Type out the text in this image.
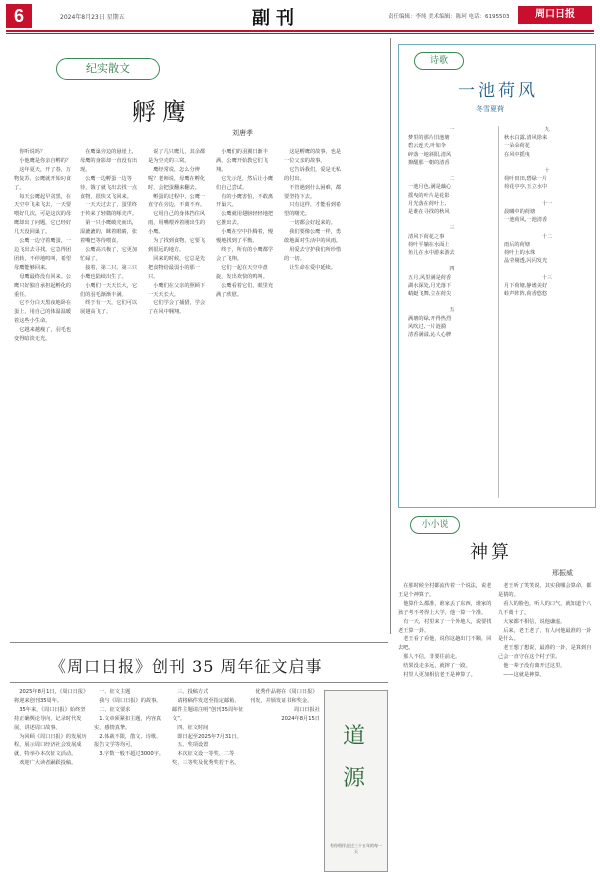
6	2024年8月23日 星期五	副刊	责任编辑：李纯 美术编辑：陈珂 电话：6195503	周口日报
纪实散文
孵鹰
刘唐孝

你听说吗？

小他鹰是你亲自孵的？

这年夏天，开了春，万物复苏，公鹰就开始叼食了。

每天公鹰起早贪黑，在天空中飞来飞去，一天要喂好几次。可是这次的母鹰却出了问题，它已经好几天没回巢了。

公鹰一边守着鹰蛋，一边飞出去寻找。它急得团团转，不停地鸣叫，希望母鹰能够回来。

母鹰最终没有回来。公鹰只好独自承担起孵化的重任。

它不分白天黑夜地卧在蛋上，用自己的体温温暖着这些小生命。

它越来越瘦了，羽毛也变得暗淡无光。

在鹰巢旁边的悬崖上，母鹰的身影却一直没有出现。

公鹰一边孵蛋一边等待，饿了就飞出去找一点食物，很快又飞回来。

一天天过去了，蛋里终于传来了轻微的啄壳声。

第一只小鹰破壳而出，湿漉漉的，眯着眼睛，张着嘴巴等待喂食。

公鹰高兴极了，它更加忙碌了。

接着，第二只、第三只小鹰也陆续出生了。

小鹰们一天天长大，它们的羽毛渐渐丰满。

终于有一天，它们可以展翅高飞了。

说了几只鹰儿，其余都是为空壳的三窝。

鹰经常说，怎么分辨呢？老师说，母鹰在孵化时，会把蛋翻来翻去。

孵蛋的过程中，公鹰一直守在旁边，不离不弃。

它用自己的身体挡住风雨，用嘴喂养着刚出生的小鹰。

为了找到食物，它要飞到很远的地方。

回来的时候，它总是先把食物给最弱小的那一只。

小鹰们在父亲的照顾下一天天长大。

它们学会了捕猎，学会了在风中翱翔。

小鹰们的羽翼日渐丰满，公鹰开始教它们飞翔。

它先示范，然后让小鹰们自己尝试。

有的小鹰害怕，不敢离开巢穴。

公鹰就用翅膀轻轻地把它推出去。

小鹰在空中扑腾着，慢慢地找到了平衡。

终于，所有的小鹰都学会了飞翔。

它们一起在天空中盘旋，发出欢快的鸣叫。

公鹰看着它们，眼里充满了欣慰。

这是孵鹰的故事，也是一位父亲的故事。

它告诉我们，爱是无私的付出。

不管遇到什么困难，都要坚持下去。

只有这样，才能看到希望的曙光。

一切都会好起来的。

我们要像公鹰一样，勇敢地面对生活中的风雨。

用爱去守护我们所珍惜的一切。

让生命在爱中延续。

诗歌
一池荷风
冬雪夏荷
一
梦里的那片旧池塘
碧云连天,叶如伞
碎落一地斜阳,清风
撩醒那一朝的清香

二
一池月色,满是藕心
摇曳的叶片是花影
月光落在荷叶上,
是谁在寻找的秋风

三
清风下荷花之事
荷叶平躺在水面上
鱼儿在水中游来游去

四
五月,风里满是荷香
湖水深处,月光落下
蜻蜓飞舞,立在荷尖

五
满塘的绿,开得热烈
风吹过,一片涟漪
清香满溢,沁人心脾
九
秋水白露,清风徐来
一朵朵荷花
在风中摇曳

十
荷叶田田,碧绿一片
荷花亭亭,玉立水中

十一
晨曦中的荷塘
一池荷风,一池清香

十二
雨后的荷塘
荷叶上的水珠
晶莹剔透,闪闪发光

十三
月下荷塘,静谧美好
蛙声阵阵,荷香悠悠
小小说
神算
邢振威

在那时候全村都流传着一个说法，说老王是个神算子。

他算什么都准，谁家丢了东西，谁家的孩子考不考得上大学，他一算一个准。

有一天，村里来了一个外地人，说要找老王算一卦。

老王看了看他，说你这趟出门不顺，回去吧。

那人不信，非要往前走。

结果没走多远，就摔了一跤。

村里人更加相信老王是神算了。

老王听了笑笑说，其实我哪会算命，都是猜的。

看人的脸色，听人的口气，就知道个八九不离十了。

大家都不相信，说他谦虚。

后来，老王老了，有人问他最准的一卦是什么。

老王想了想说，最准的一卦，是算到自己会一直守在这个村子里。

他一辈子没有离开过这里。

——这就是神算。

《周口日报》创刊 35 周年征文启事

2025年8月1日，《周口日报》将迎来创刊35周年。

35年来，《周口日报》始终坚持正确舆论导向，记录时代发展，讲述周口故事。

为回顾《周口日报》的发展历程，展示周口经济社会发展成就，特举办本次征文活动。

欢迎广大读者踊跃投稿。

一、征文主题

我与《周口日报》的故事。

二、征文要求

1.文章须紧扣主题，内容真实，感情真挚。

2.体裁不限，散文、诗歌、报告文学等均可。

3.字数一般不超过3000字。

三、投稿方式

请将稿件发送至指定邮箱，邮件主题请注明“创刊35周年征文”。

四、征文时间

即日起至2025年7月31日。

五、奖项设置

本次征文设一等奖、二等奖、三等奖及优秀奖若干名。

优秀作品将在《周口日报》刊发，并颁发证书和奖金。

周口日报社

2024年8月15日

道
源
有你相伴走过三十五年的每一天
